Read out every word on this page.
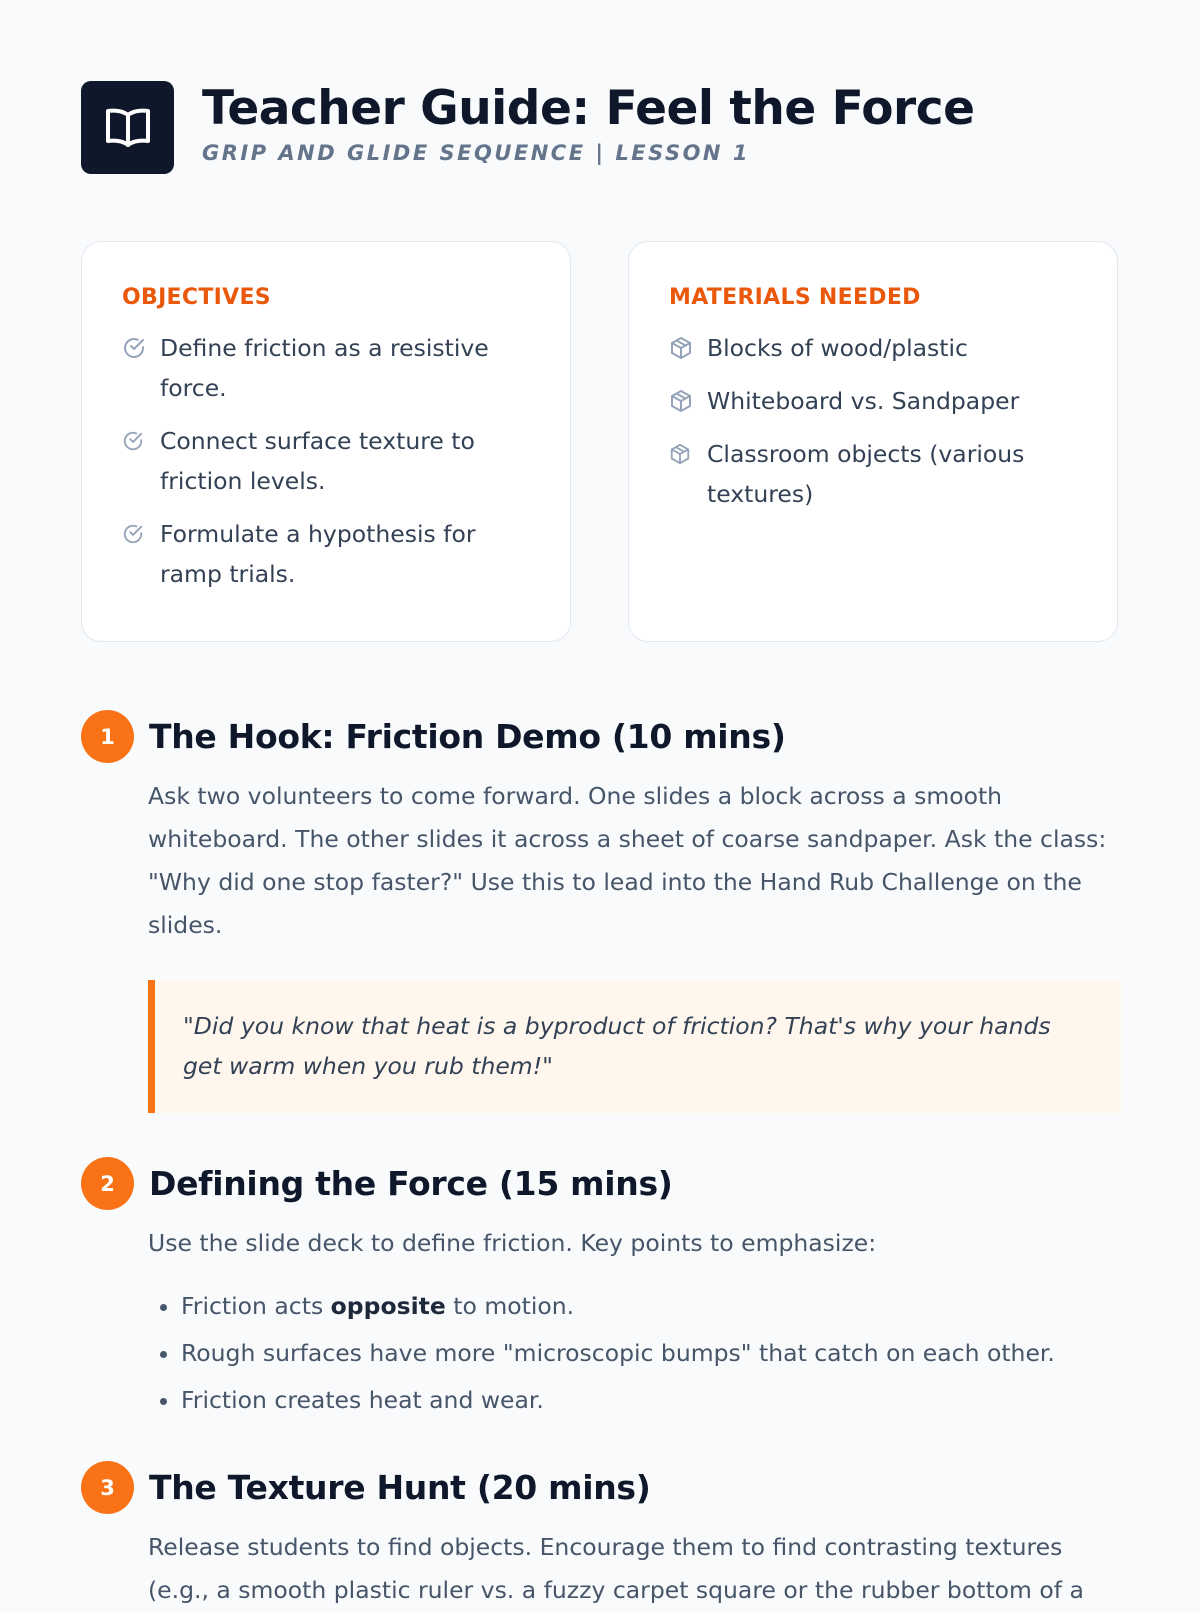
Teacher Guide: Feel the Force
GRIP AND GLIDE SEQUENCE | LESSON 1
OBJECTIVES
Define friction as a resistive force.
Connect surface texture to friction levels.
Formulate a hypothesis for ramp trials.
MATERIALS NEEDED
Blocks of wood/plastic
Whiteboard vs. Sandpaper
Classroom objects (various textures)
1	The Hook: Friction Demo (10 mins)

Ask two volunteers to come forward. One slides a block across a smooth whiteboard. The other slides it across a sheet of coarse sandpaper. Ask the class: "Why did one stop faster?" Use this to lead into the Hand Rub Challenge on the slides.

"Did you know that heat is a byproduct of friction? That's why your hands get warm when you rub them!"
2	Defining the Force (15 mins)

Use the slide deck to define friction. Key points to emphasize:

• Friction acts opposite to motion.
• Rough surfaces have more "microscopic bumps" that catch on each other.
• Friction creates heat and wear.
3	The Texture Hunt (20 mins)

Release students to find objects. Encourage them to find contrasting textures (e.g., a smooth plastic ruler vs. a fuzzy carpet square or the rubber bottom of a
